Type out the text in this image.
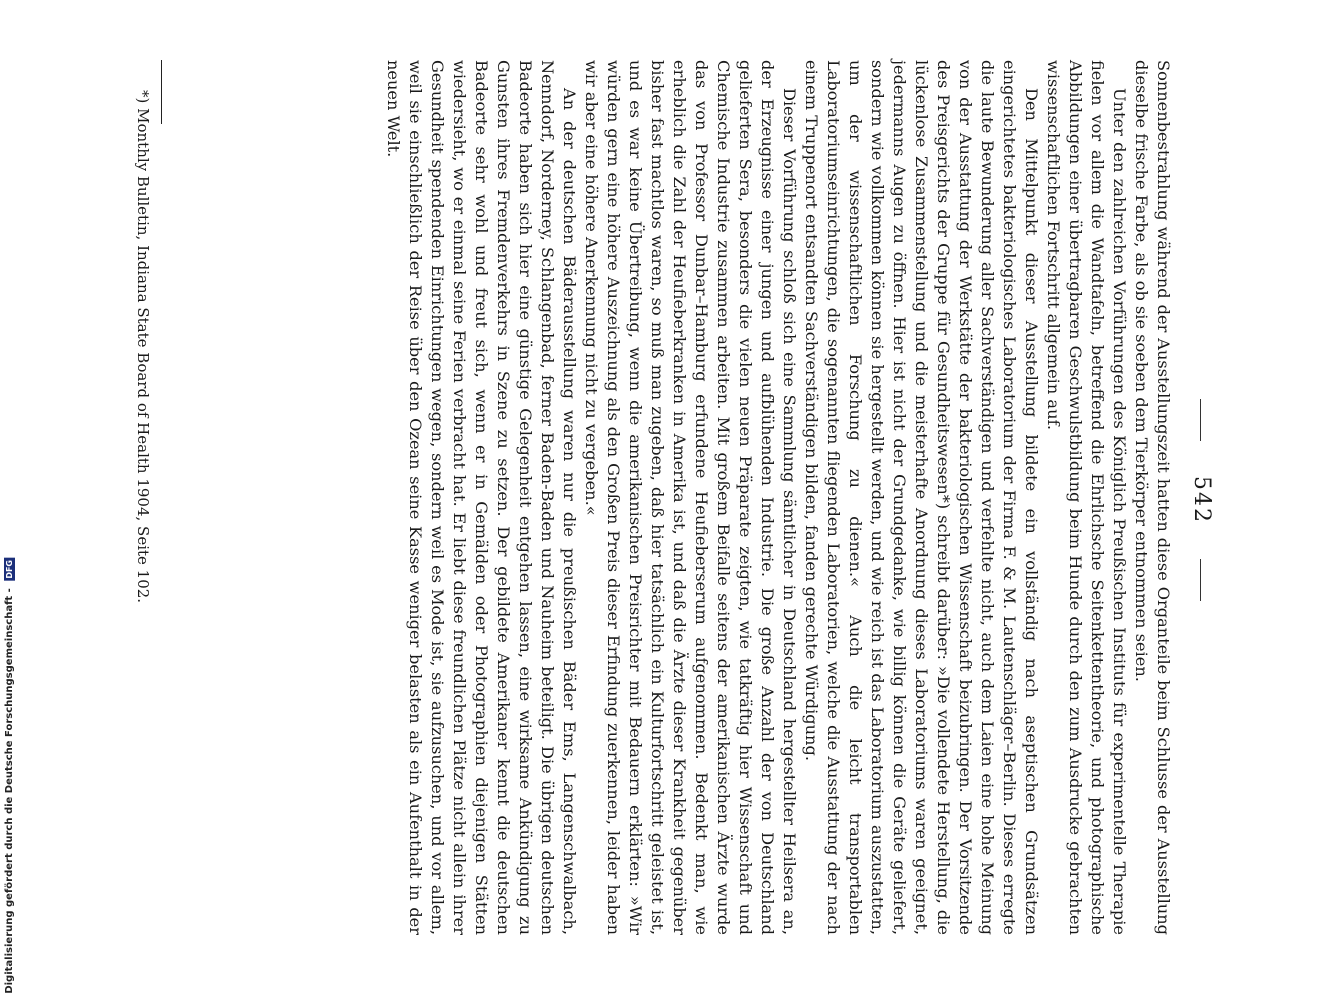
542

Sonnenbestrahlung während der Ausstellungszeit hatten diese Organteile beim Schlusse der Ausstellung dieselbe frische Farbe, als ob sie soeben dem Tierkörper entnommen seien.

Unter den zahlreichen Vorführungen des Königlich Preußischen Instituts für experimentelle Therapie fielen vor allem die Wandtafeln, betreffend die Ehrlichsche Seitenkettentheorie, und photographische Abbildungen einer übertragbaren Geschwulstbildung beim Hunde durch den zum Ausdrucke gebrachten wissenschaftlichen Fortschritt allgemein auf.

Den Mittelpunkt dieser Ausstellung bildete ein vollständig nach aseptischen Grundsätzen eingerichtetes bakteriologisches Laboratorium der Firma F. & M. Lautenschläger–Berlin. Dieses erregte die laute Bewunderung aller Sachverständigen und verfehlte nicht, auch dem Laien eine hohe Meinung von der Ausstattung der Werkstätte der bakteriologischen Wissenschaft beizubringen. Der Vorsitzende des Preisgerichts der Gruppe für Gesundheitswesen*) schreibt darüber: »Die vollendete Herstellung, die lückenlose Zusammenstellung und die meisterhafte Anordnung dieses Laboratoriums waren geeignet, jedermanns Augen zu öffnen. Hier ist nicht der Grundgedanke, wie billig können die Geräte geliefert, sondern wie vollkommen können sie hergestellt werden, und wie reich ist das Laboratorium auszustatten, um der wissenschaftlichen Forschung zu dienen.« Auch die leicht transportablen Laboratoriumseinrichtungen, die sogenannten fliegenden Laboratorien, welche die Ausstattung der nach einem Truppenort entsandten Sachverständigen bilden, fanden gerechte Würdigung.

Dieser Vorführung schloß sich eine Sammlung sämtlicher in Deutschland hergestellter Heilsera an, der Erzeugnisse einer jungen und aufblühenden Industrie. Die große Anzahl der von Deutschland gelieferten Sera, besonders die vielen neuen Präparate zeigten, wie tatkräftig hier Wissenschaft und Chemische Industrie zusammen arbeiten. Mit großem Beifalle seitens der amerikanischen Ärzte wurde das von Professor Dunbar–Hamburg erfundene Heufieberserum aufgenommen. Bedenkt man, wie erheblich die Zahl der Heufieberkranken in Amerika ist, und daß die Ärzte dieser Krankheit gegenüber bisher fast machtlos waren, so muß man zugeben, daß hier tatsächlich ein Kulturfortschritt geleistet ist, und es war keine Übertreibung, wenn die amerikanischen Preisrichter mit Bedauern erklärten: »Wir würden gern eine höhere Auszeichnung als den Großen Preis dieser Erfindung zuerkennen, leider haben wir aber eine höhere Anerkennung nicht zu vergeben.«

An der deutschen Bäderausstellung waren nur die preußischen Bäder Ems, Langenschwalbach, Nenndorf, Norderney, Schlangenbad, ferner Baden-Baden und Nauheim beteiligt. Die übrigen deutschen Badeorte haben sich hier eine günstige Gelegenheit entgehen lassen, eine wirksame Ankündigung zu Gunsten ihres Fremdenverkehrs in Szene zu setzen. Der gebildete Amerikaner kennt die deutschen Badeorte sehr wohl und freut sich, wenn er in Gemälden oder Photographien diejenigen Stätten wiedersieht, wo er einmal seine Ferien verbracht hat. Er liebt diese freundlichen Plätze nicht allein ihrer Gesundheit spendenden Einrichtungen wegen, sondern weil es Mode ist, sie aufzusuchen, und vor allem, weil sie einschließlich der Reise über den Ozean seine Kasse weniger belasten als ein Aufenthalt in der neuen Welt.

*) Monthly Bulletin, Indiana State Board of Health 1904, Seite 102.
Digitalisierung gefördert durch die Deutsche Forschungsgemeinschaft - DFG
